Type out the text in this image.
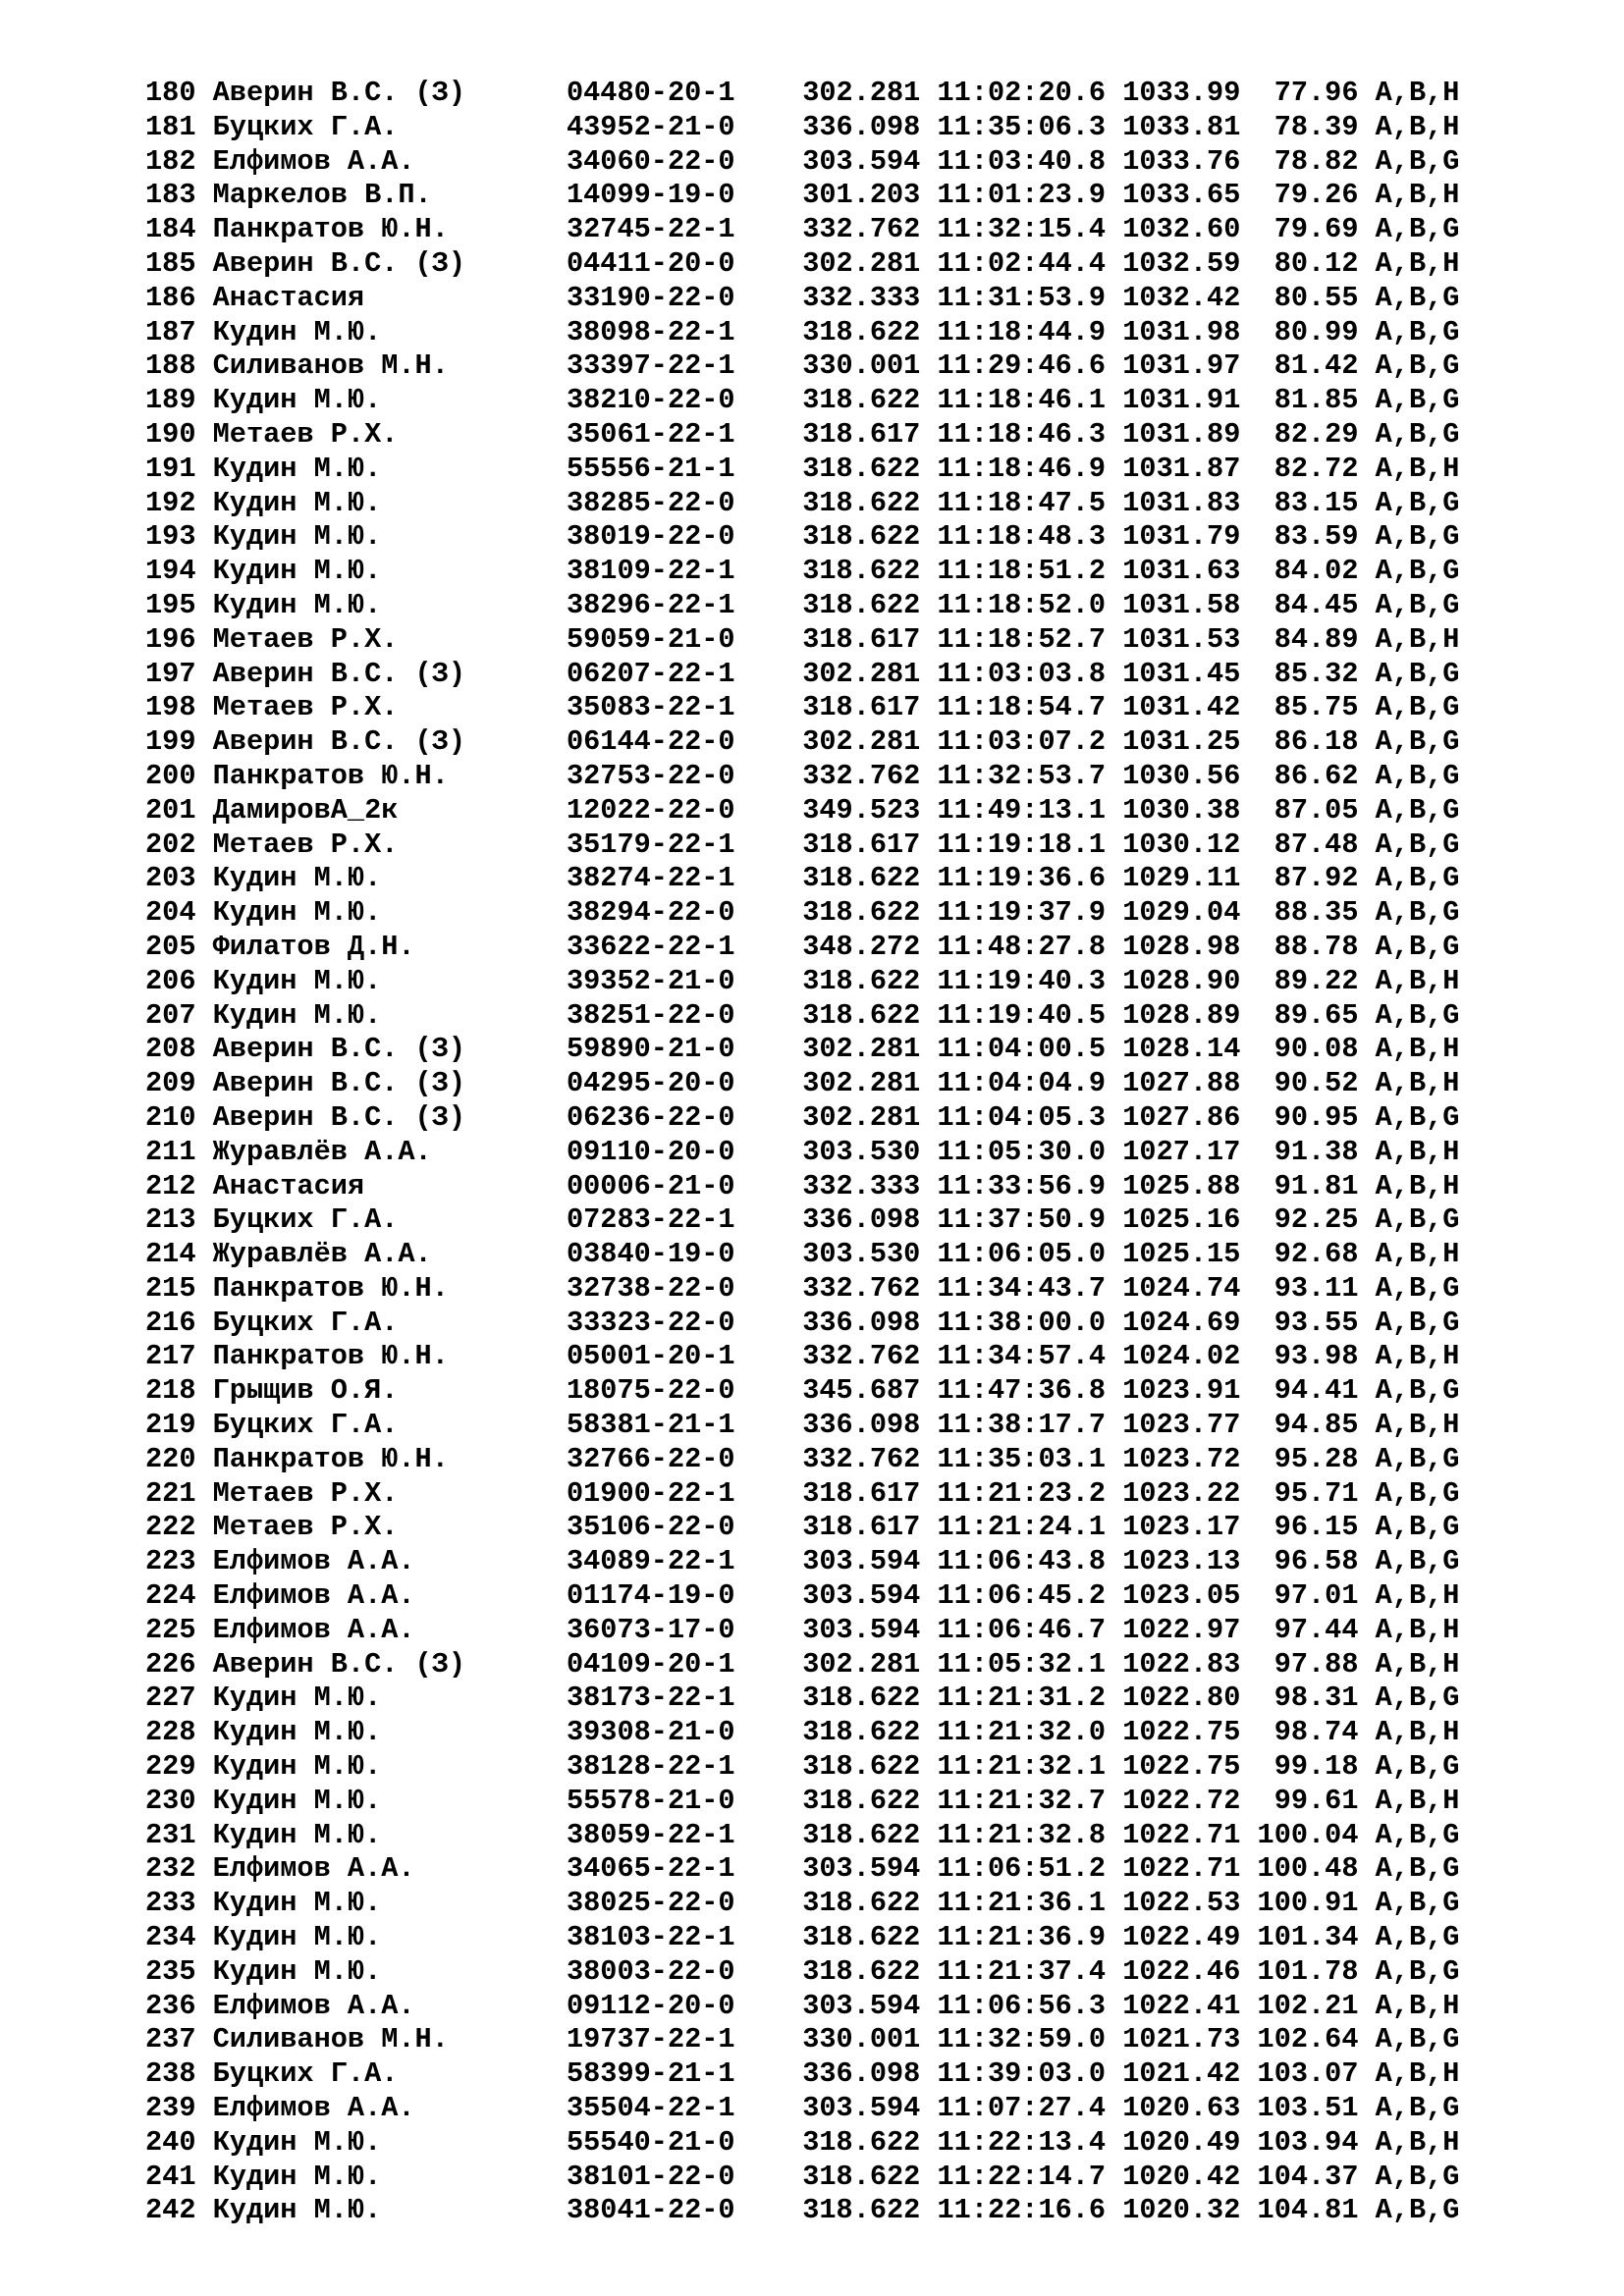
180 Аверин В.С. (З)      04480-20-1    302.281 11:02:20.6 1033.99  77.96 A,B,H
181 Буцких Г.А.          43952-21-0    336.098 11:35:06.3 1033.81  78.39 A,B,H
182 Елфимов А.А.         34060-22-0    303.594 11:03:40.8 1033.76  78.82 A,B,G
183 Маркелов В.П.        14099-19-0    301.203 11:01:23.9 1033.65  79.26 A,B,H
184 Панкратов Ю.Н.       32745-22-1    332.762 11:32:15.4 1032.60  79.69 A,B,G
185 Аверин В.С. (З)      04411-20-0    302.281 11:02:44.4 1032.59  80.12 A,B,H
186 Анастасия            33190-22-0    332.333 11:31:53.9 1032.42  80.55 A,B,G
187 Кудин М.Ю.           38098-22-1    318.622 11:18:44.9 1031.98  80.99 A,B,G
188 Силиванов М.Н.       33397-22-1    330.001 11:29:46.6 1031.97  81.42 A,B,G
189 Кудин М.Ю.           38210-22-0    318.622 11:18:46.1 1031.91  81.85 A,B,G
190 Метаев Р.Х.          35061-22-1    318.617 11:18:46.3 1031.89  82.29 A,B,G
191 Кудин М.Ю.           55556-21-1    318.622 11:18:46.9 1031.87  82.72 A,B,H
192 Кудин М.Ю.           38285-22-0    318.622 11:18:47.5 1031.83  83.15 A,B,G
193 Кудин М.Ю.           38019-22-0    318.622 11:18:48.3 1031.79  83.59 A,B,G
194 Кудин М.Ю.           38109-22-1    318.622 11:18:51.2 1031.63  84.02 A,B,G
195 Кудин М.Ю.           38296-22-1    318.622 11:18:52.0 1031.58  84.45 A,B,G
196 Метаев Р.Х.          59059-21-0    318.617 11:18:52.7 1031.53  84.89 A,B,H
197 Аверин В.С. (З)      06207-22-1    302.281 11:03:03.8 1031.45  85.32 A,B,G
198 Метаев Р.Х.          35083-22-1    318.617 11:18:54.7 1031.42  85.75 A,B,G
199 Аверин В.С. (З)      06144-22-0    302.281 11:03:07.2 1031.25  86.18 A,B,G
200 Панкратов Ю.Н.       32753-22-0    332.762 11:32:53.7 1030.56  86.62 A,B,G
201 ДамировА_2к          12022-22-0    349.523 11:49:13.1 1030.38  87.05 A,B,G
202 Метаев Р.Х.          35179-22-1    318.617 11:19:18.1 1030.12  87.48 A,B,G
203 Кудин М.Ю.           38274-22-1    318.622 11:19:36.6 1029.11  87.92 A,B,G
204 Кудин М.Ю.           38294-22-0    318.622 11:19:37.9 1029.04  88.35 A,B,G
205 Филатов Д.Н.         33622-22-1    348.272 11:48:27.8 1028.98  88.78 A,B,G
206 Кудин М.Ю.           39352-21-0    318.622 11:19:40.3 1028.90  89.22 A,B,H
207 Кудин М.Ю.           38251-22-0    318.622 11:19:40.5 1028.89  89.65 A,B,G
208 Аверин В.С. (З)      59890-21-0    302.281 11:04:00.5 1028.14  90.08 A,B,H
209 Аверин В.С. (З)      04295-20-0    302.281 11:04:04.9 1027.88  90.52 A,B,H
210 Аверин В.С. (З)      06236-22-0    302.281 11:04:05.3 1027.86  90.95 A,B,G
211 Журавлёв А.А.        09110-20-0    303.530 11:05:30.0 1027.17  91.38 A,B,H
212 Анастасия            00006-21-0    332.333 11:33:56.9 1025.88  91.81 A,B,H
213 Буцких Г.А.          07283-22-1    336.098 11:37:50.9 1025.16  92.25 A,B,G
214 Журавлёв А.А.        03840-19-0    303.530 11:06:05.0 1025.15  92.68 A,B,H
215 Панкратов Ю.Н.       32738-22-0    332.762 11:34:43.7 1024.74  93.11 A,B,G
216 Буцких Г.А.          33323-22-0    336.098 11:38:00.0 1024.69  93.55 A,B,G
217 Панкратов Ю.Н.       05001-20-1    332.762 11:34:57.4 1024.02  93.98 A,B,H
218 Грыщив О.Я.          18075-22-0    345.687 11:47:36.8 1023.91  94.41 A,B,G
219 Буцких Г.А.          58381-21-1    336.098 11:38:17.7 1023.77  94.85 A,B,H
220 Панкратов Ю.Н.       32766-22-0    332.762 11:35:03.1 1023.72  95.28 A,B,G
221 Метаев Р.Х.          01900-22-1    318.617 11:21:23.2 1023.22  95.71 A,B,G
222 Метаев Р.Х.          35106-22-0    318.617 11:21:24.1 1023.17  96.15 A,B,G
223 Елфимов А.А.         34089-22-1    303.594 11:06:43.8 1023.13  96.58 A,B,G
224 Елфимов А.А.         01174-19-0    303.594 11:06:45.2 1023.05  97.01 A,B,H
225 Елфимов А.А.         36073-17-0    303.594 11:06:46.7 1022.97  97.44 A,B,H
226 Аверин В.С. (З)      04109-20-1    302.281 11:05:32.1 1022.83  97.88 A,B,H
227 Кудин М.Ю.           38173-22-1    318.622 11:21:31.2 1022.80  98.31 A,B,G
228 Кудин М.Ю.           39308-21-0    318.622 11:21:32.0 1022.75  98.74 A,B,H
229 Кудин М.Ю.           38128-22-1    318.622 11:21:32.1 1022.75  99.18 A,B,G
230 Кудин М.Ю.           55578-21-0    318.622 11:21:32.7 1022.72  99.61 A,B,H
231 Кудин М.Ю.           38059-22-1    318.622 11:21:32.8 1022.71 100.04 A,B,G
232 Елфимов А.А.         34065-22-1    303.594 11:06:51.2 1022.71 100.48 A,B,G
233 Кудин М.Ю.           38025-22-0    318.622 11:21:36.1 1022.53 100.91 A,B,G
234 Кудин М.Ю.           38103-22-1    318.622 11:21:36.9 1022.49 101.34 A,B,G
235 Кудин М.Ю.           38003-22-0    318.622 11:21:37.4 1022.46 101.78 A,B,G
236 Елфимов А.А.         09112-20-0    303.594 11:06:56.3 1022.41 102.21 A,B,H
237 Силиванов М.Н.       19737-22-1    330.001 11:32:59.0 1021.73 102.64 A,B,G
238 Буцких Г.А.          58399-21-1    336.098 11:39:03.0 1021.42 103.07 A,B,H
239 Елфимов А.А.         35504-22-1    303.594 11:07:27.4 1020.63 103.51 A,B,G
240 Кудин М.Ю.           55540-21-0    318.622 11:22:13.4 1020.49 103.94 A,B,H
241 Кудин М.Ю.           38101-22-0    318.622 11:22:14.7 1020.42 104.37 A,B,G
242 Кудин М.Ю.           38041-22-0    318.622 11:22:16.6 1020.32 104.81 A,B,G
